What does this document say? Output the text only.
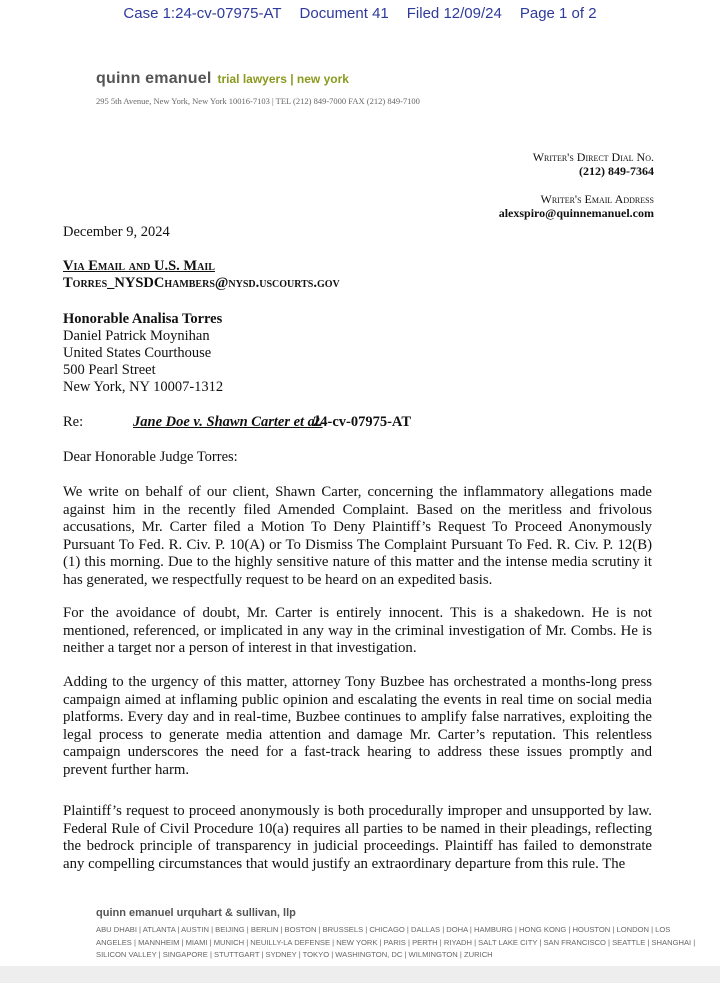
Case 1:24-cv-07975-AT Document 41 Filed 12/09/24 Page 1 of 2
quinn emanuel trial lawyers | new york
295 5th Avenue, New York, New York 10016-7103 | TEL (212) 849-7000 FAX (212) 849-7100
Writer's Direct Dial No.
(212) 849-7364
Writer's Email Address
alexspiro@quinnemanuel.com
December 9, 2024
Via Email and U.S. Mail
Torres_NYSDChambers@nysd.uscourts.gov
Honorable Analisa Torres
Daniel Patrick Moynihan
United States Courthouse
500 Pearl Street
New York, NY 10007-1312
Re:	Jane Doe v. Shawn Carter et al.
24-cv-07975-AT
Dear Honorable Judge Torres:

We write on behalf of our client, Shawn Carter, concerning the inflammatory allegations made against him in the recently filed Amended Complaint. Based on the meritless and frivolous accusations, Mr. Carter filed a Motion To Deny Plaintiff’s Request To Proceed Anonymously Pursuant To Fed. R. Civ. P. 10(A) or To Dismiss The Complaint Pursuant To Fed. R. Civ. P. 12(B)(1) this morning. Due to the highly sensitive nature of this matter and the intense media scrutiny it has generated, we respectfully request to be heard on an expedited basis.

For the avoidance of doubt, Mr. Carter is entirely innocent. This is a shakedown. He is not mentioned, referenced, or implicated in any way in the criminal investigation of Mr. Combs. He is neither a target nor a person of interest in that investigation.

Adding to the urgency of this matter, attorney Tony Buzbee has orchestrated a months-long press campaign aimed at inflaming public opinion and escalating the events in real time on social media platforms. Every day and in real-time, Buzbee continues to amplify false narratives, exploiting the legal process to generate media attention and damage Mr. Carter’s reputation. This relentless campaign underscores the need for a fast-track hearing to address these issues promptly and prevent further harm.

Plaintiff’s request to proceed anonymously is both procedurally improper and unsupported by law. Federal Rule of Civil Procedure 10(a) requires all parties to be named in their pleadings, reflecting the bedrock principle of transparency in judicial proceedings. Plaintiff has failed to demonstrate any compelling circumstances that would justify an extraordinary departure from this rule. The

quinn emanuel urquhart & sullivan, llp
ABU DHABI | ATLANTA | AUSTIN | BEIJING | BERLIN | BOSTON | BRUSSELS | CHICAGO | DALLAS | DOHA | HAMBURG | HONG KONG | HOUSTON | LONDON | LOS ANGELES | MANNHEIM | MIAMI | MUNICH | NEUILLY-LA DEFENSE | NEW YORK | PARIS | PERTH | RIYADH | SALT LAKE CITY | SAN FRANCISCO | SEATTLE | SHANGHAI | SILICON VALLEY | SINGAPORE | STUTTGART | SYDNEY | TOKYO | WASHINGTON, DC | WILMINGTON | ZURICH
